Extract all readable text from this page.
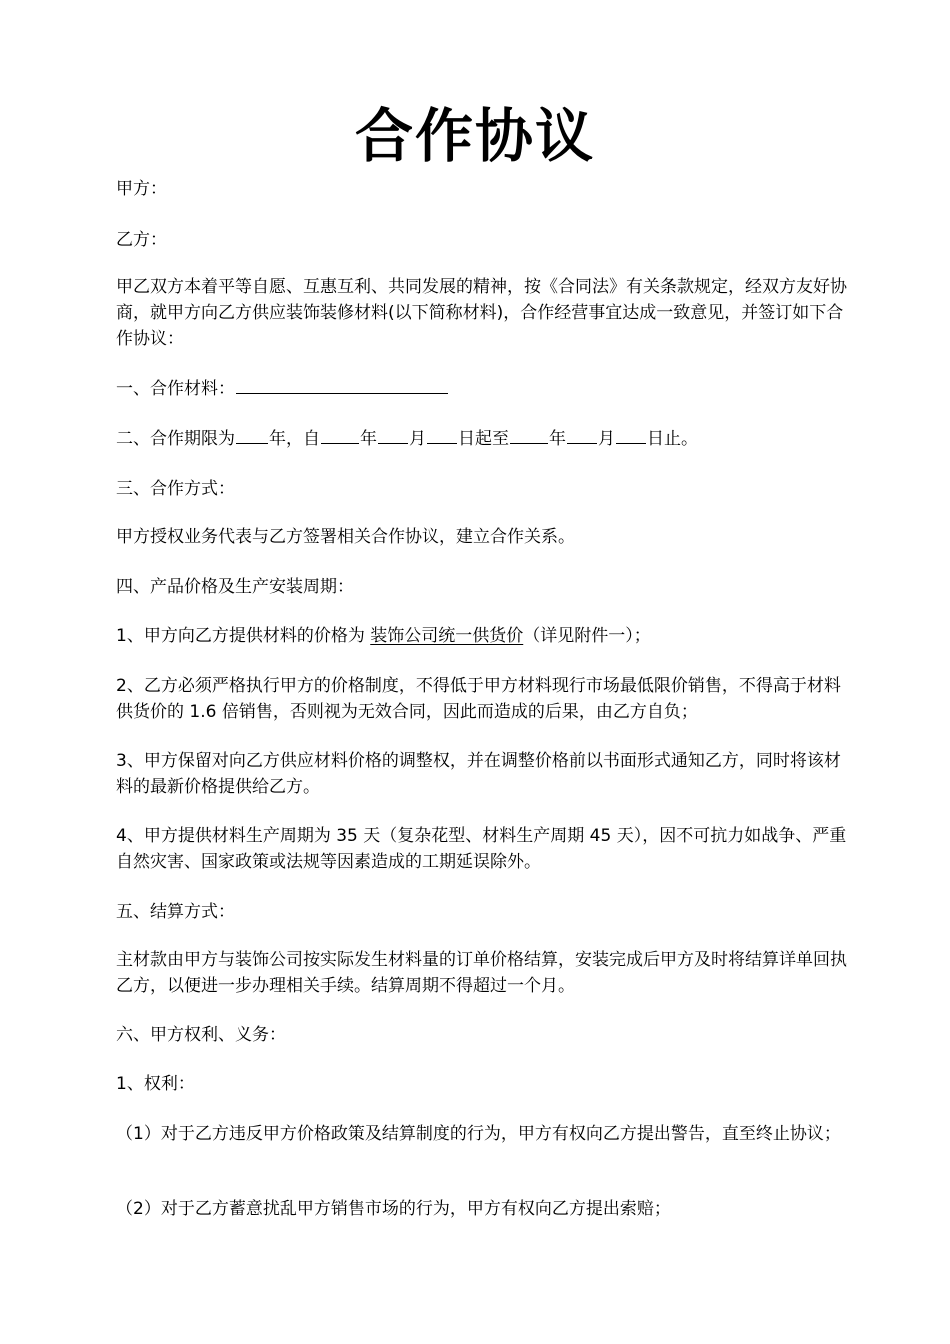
合作协议
甲方：
乙方：
甲乙双方本着平等自愿、互惠互利、共同发展的精神，按《合同法》有关条款规定，经双方友好协商，就甲方向乙方供应装饰装修材料(以下简称材料)，合作经营事宜达成一致意见，并签订如下合作协议：
一、合作材料：
二、合作期限为 年，自 年 月 日起至 年 月 日止。
三、合作方式：
甲方授权业务代表与乙方签署相关合作协议，建立合作关系。
四、产品价格及生产安装周期：
1、甲方向乙方提供材料的价格为 装饰公司统一供货价（详见附件一）；
2、乙方必须严格执行甲方的价格制度，不得低于甲方材料现行市场最低限价销售，不得高于材料供货价的 1.6 倍销售，否则视为无效合同，因此而造成的后果，由乙方自负；
3、甲方保留对向乙方供应材料价格的调整权，并在调整价格前以书面形式通知乙方，同时将该材料的最新价格提供给乙方。
4、甲方提供材料生产周期为 35 天（复杂花型、材料生产周期 45 天），因不可抗力如战争、严重自然灾害、国家政策或法规等因素造成的工期延误除外。
五、结算方式：
主材款由甲方与装饰公司按实际发生材料量的订单价格结算，安装完成后甲方及时将结算详单回执乙方，以便进一步办理相关手续。结算周期不得超过一个月。
六、甲方权利、义务：
1、权利：
（1）对于乙方违反甲方价格政策及结算制度的行为，甲方有权向乙方提出警告，直至终止协议；
（2）对于乙方蓄意扰乱甲方销售市场的行为，甲方有权向乙方提出索赔；
